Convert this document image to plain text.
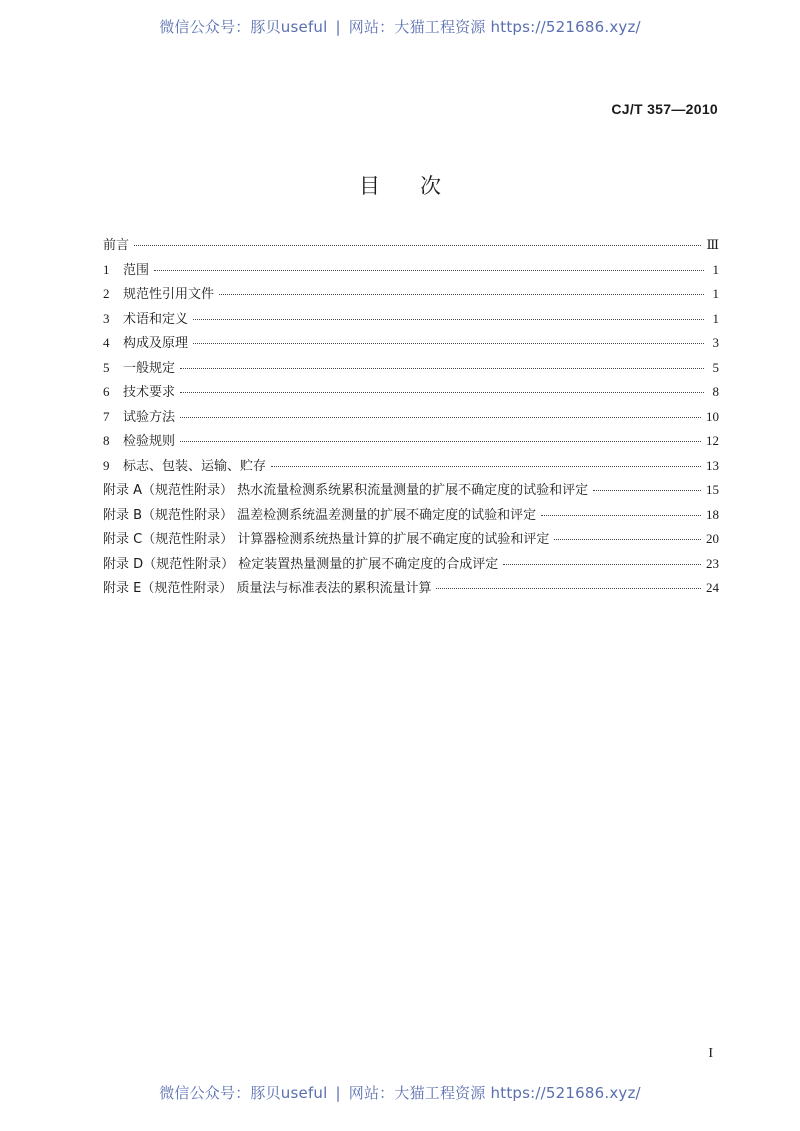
微信公众号：豚贝useful | 网站：大猫工程资源 https://521686.xyz/
CJ/T 357—2010
目次
前言	Ⅲ
1 范围	1
2 规范性引用文件	1
3 术语和定义	1
4 构成及原理	3
5 一般规定	5
6 技术要求	8
7 试验方法	10
8 检验规则	12
9 标志、包装、运输、贮存	13
附录 A（规范性附录） 热水流量检测系统累积流量测量的扩展不确定度的试验和评定	15
附录 B（规范性附录） 温差检测系统温差测量的扩展不确定度的试验和评定	18
附录 C（规范性附录） 计算器检测系统热量计算的扩展不确定度的试验和评定	20
附录 D（规范性附录） 检定装置热量测量的扩展不确定度的合成评定	23
附录 E（规范性附录） 质量法与标准表法的累积流量计算	24
I
微信公众号：豚贝useful | 网站：大猫工程资源 https://521686.xyz/
